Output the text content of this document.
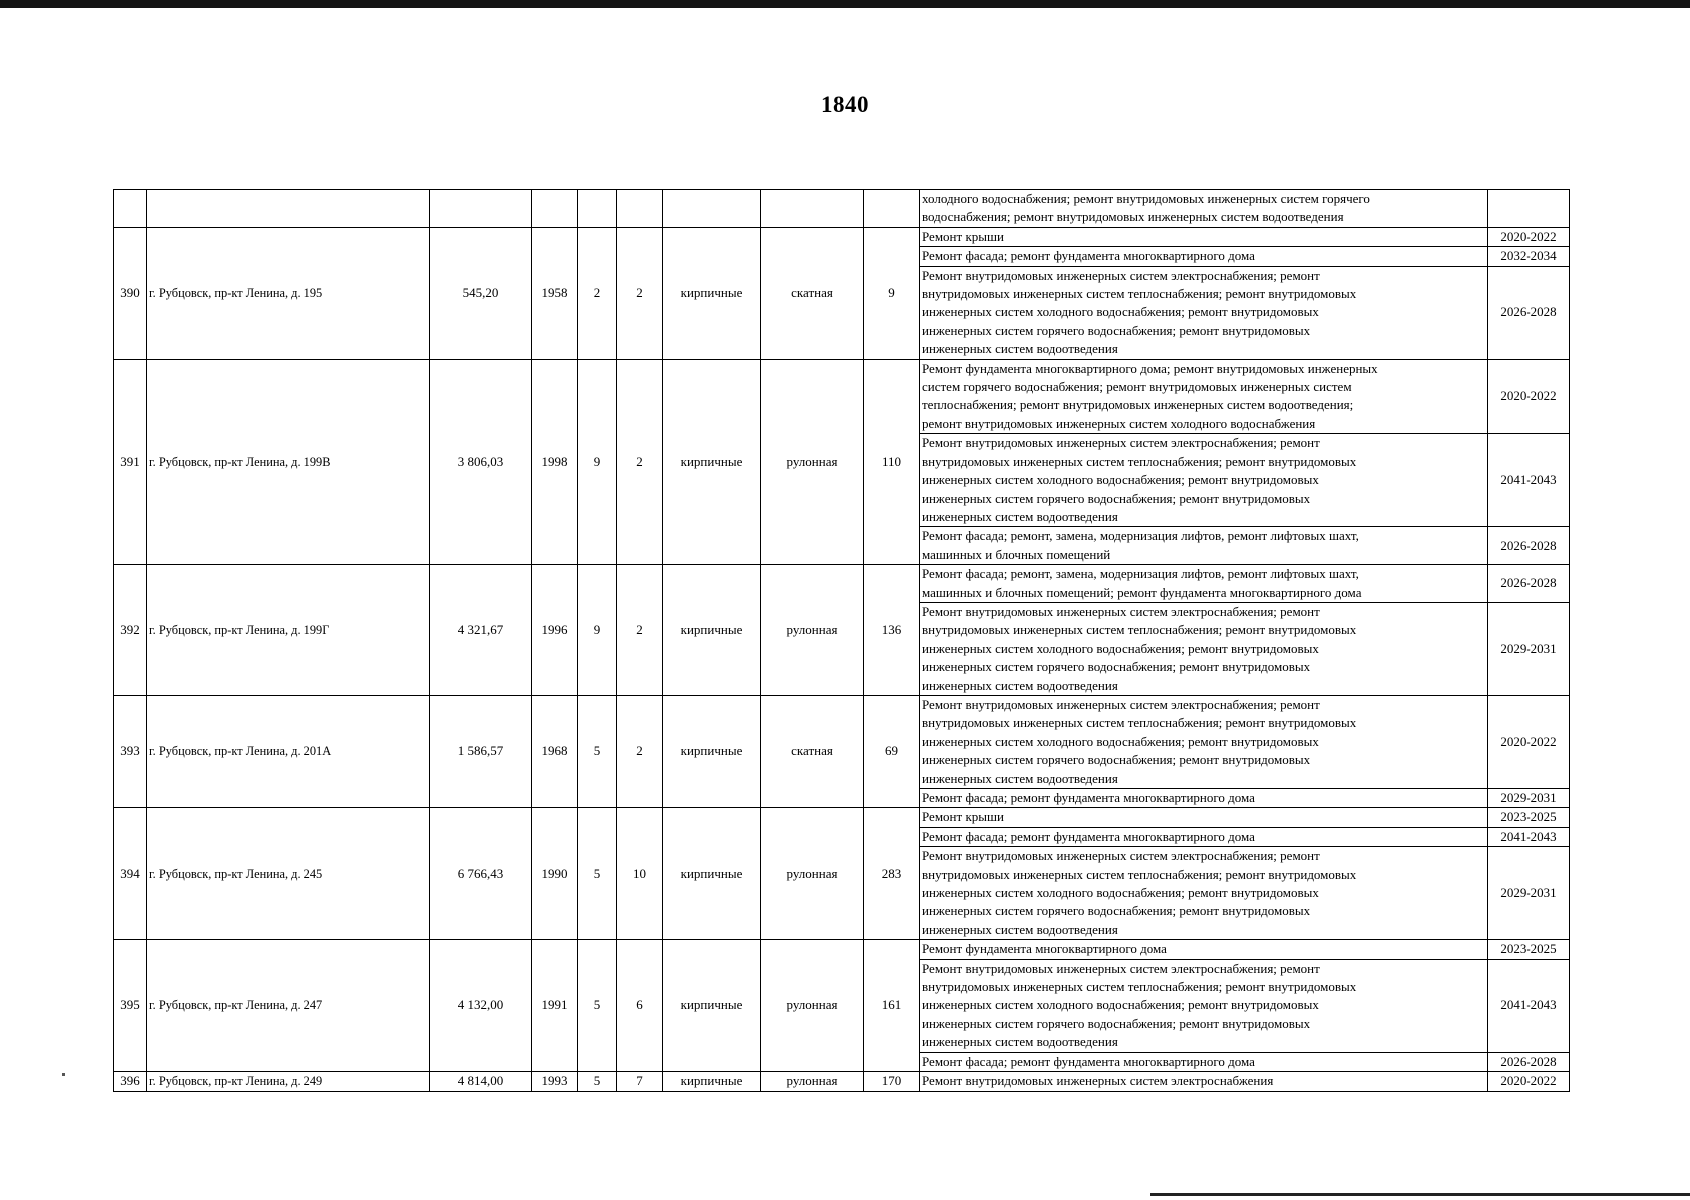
1840
									холодного водоснабжения; ремонт внутридомовых инженерных систем горячего
водоснабжения; ремонт внутридомовых инженерных систем водоотведения	
390	г. Рубцовск, пр-кт Ленина, д. 195	545,20	1958	2	2	кирпичные	скатная	9	Ремонт крыши	2020-2022
									Ремонт фасада; ремонт фундамента многоквартирного дома	2032-2034
									Ремонт внутридомовых инженерных систем электроснабжения; ремонт
внутридомовых инженерных систем теплоснабжения; ремонт внутридомовых
инженерных систем холодного водоснабжения; ремонт внутридомовых
инженерных систем горячего водоснабжения; ремонт внутридомовых
инженерных систем водоотведения	2026-2028
391	г. Рубцовск, пр-кт Ленина, д. 199В	3 806,03	1998	9	2	кирпичные	рулонная	110	Ремонт фундамента многоквартирного дома; ремонт внутридомовых инженерных
систем горячего водоснабжения; ремонт внутридомовых инженерных систем
теплоснабжения; ремонт внутридомовых инженерных систем водоотведения;
ремонт внутридомовых инженерных систем холодного водоснабжения	2020-2022
									Ремонт внутридомовых инженерных систем электроснабжения; ремонт
внутридомовых инженерных систем теплоснабжения; ремонт внутридомовых
инженерных систем холодного водоснабжения; ремонт внутридомовых
инженерных систем горячего водоснабжения; ремонт внутридомовых
инженерных систем водоотведения	2041-2043
									Ремонт фасада; ремонт, замена, модернизация лифтов, ремонт лифтовых шахт,
машинных и блочных помещений	2026-2028
392	г. Рубцовск, пр-кт Ленина, д. 199Г	4 321,67	1996	9	2	кирпичные	рулонная	136	Ремонт фасада; ремонт, замена, модернизация лифтов, ремонт лифтовых шахт,
машинных и блочных помещений; ремонт фундамента многоквартирного дома	2026-2028
									Ремонт внутридомовых инженерных систем электроснабжения; ремонт
внутридомовых инженерных систем теплоснабжения; ремонт внутридомовых
инженерных систем холодного водоснабжения; ремонт внутридомовых
инженерных систем горячего водоснабжения; ремонт внутридомовых
инженерных систем водоотведения	2029-2031
393	г. Рубцовск, пр-кт Ленина, д. 201А	1 586,57	1968	5	2	кирпичные	скатная	69	Ремонт внутридомовых инженерных систем электроснабжения; ремонт
внутридомовых инженерных систем теплоснабжения; ремонт внутридомовых
инженерных систем холодного водоснабжения; ремонт внутридомовых
инженерных систем горячего водоснабжения; ремонт внутридомовых
инженерных систем водоотведения	2020-2022
									Ремонт фасада; ремонт фундамента многоквартирного дома	2029-2031
394	г. Рубцовск, пр-кт Ленина, д. 245	6 766,43	1990	5	10	кирпичные	рулонная	283	Ремонт крыши	2023-2025
									Ремонт фасада; ремонт фундамента многоквартирного дома	2041-2043
									Ремонт внутридомовых инженерных систем электроснабжения; ремонт
внутридомовых инженерных систем теплоснабжения; ремонт внутридомовых
инженерных систем холодного водоснабжения; ремонт внутридомовых
инженерных систем горячего водоснабжения; ремонт внутридомовых
инженерных систем водоотведения	2029-2031
395	г. Рубцовск, пр-кт Ленина, д. 247	4 132,00	1991	5	6	кирпичные	рулонная	161	Ремонт фундамента многоквартирного дома	2023-2025
									Ремонт внутридомовых инженерных систем электроснабжения; ремонт
внутридомовых инженерных систем теплоснабжения; ремонт внутридомовых
инженерных систем холодного водоснабжения; ремонт внутридомовых
инженерных систем горячего водоснабжения; ремонт внутридомовых
инженерных систем водоотведения	2041-2043
									Ремонт фасада; ремонт фундамента многоквартирного дома	2026-2028
396	г. Рубцовск, пр-кт Ленина, д. 249	4 814,00	1993	5	7	кирпичные	рулонная	170	Ремонт внутридомовых инженерных систем электроснабжения	2020-2022
